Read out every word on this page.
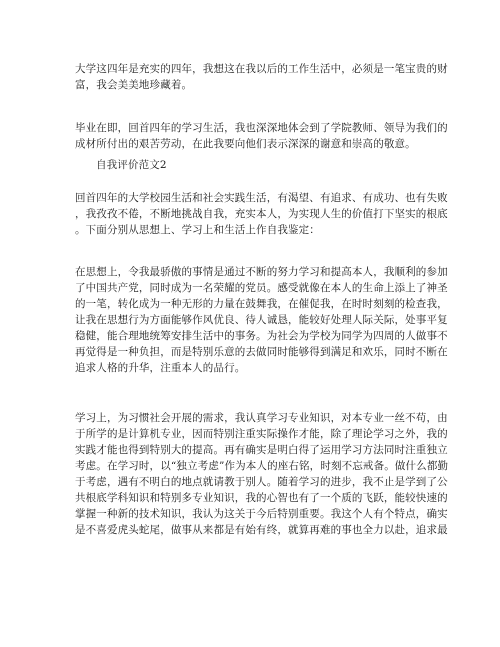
大学这四年是充实的四年，我想这在我以后的工作生活中，必须是一笔宝贵的财
富，我会美美地珍藏着。
毕业在即，回首四年的学习生活，我也深深地体会到了学院教师、领导为我们的
成材所付出的艰苦劳动，在此我要向他们表示深深的谢意和崇高的敬意。
自我评价范文2
回首四年的大学校园生活和社会实践生活，有渴望、有追求、有成功、也有失败
，我孜孜不倦，不断地挑战自我，充实本人，为实现人生的价值打下坚实的根底
。下面分别从思想上、学习上和生活上作自我鉴定：
在思想上，令我最骄傲的事情是通过不断的努力学习和提高本人，我顺利的参加
了中国共产党，同时成为一名荣耀的党员。感受就像在本人的生命上添上了神圣
的一笔，转化成为一种无形的力量在鼓舞我，在催促我，在时时刻刻的检查我，
让我在思想行为方面能够作风优良、待人诚恳，能较好处理人际关际，处事平复
稳健，能合理地统筹安排生活中的事务。为社会为学校为同学为四周的人做事不
再觉得是一种负担，而是特别乐意的去做同时能够得到满足和欢乐，同时不断在
追求人格的升华，注重本人的品行。
学习上，为习惯社会开展的需求，我认真学习专业知识，对本专业一丝不苟，由
于所学的是计算机专业，因而特别注重实际操作才能，除了理论学习之外，我的
实践才能也得到特别大的提高。再有确实是明白得了运用学习方法同时注重独立
考虑。在学习时，以“独立考虑”作为本人的座右铭，时刻不忘戒备。做什么都勤
于考虑，遇有不明白的地点就请教于别人。随着学习的进步，我不止是学到了公
共根底学科知识和特别多专业知识，我的心智也有了一个质的飞跃，能较快速的
掌握一种新的技术知识，我认为这关于今后特别重要。我这个人有个特点，确实
是不喜爱虎头蛇尾，做事从来都是有始有终，就算再难的事也全力以赴，追求最
